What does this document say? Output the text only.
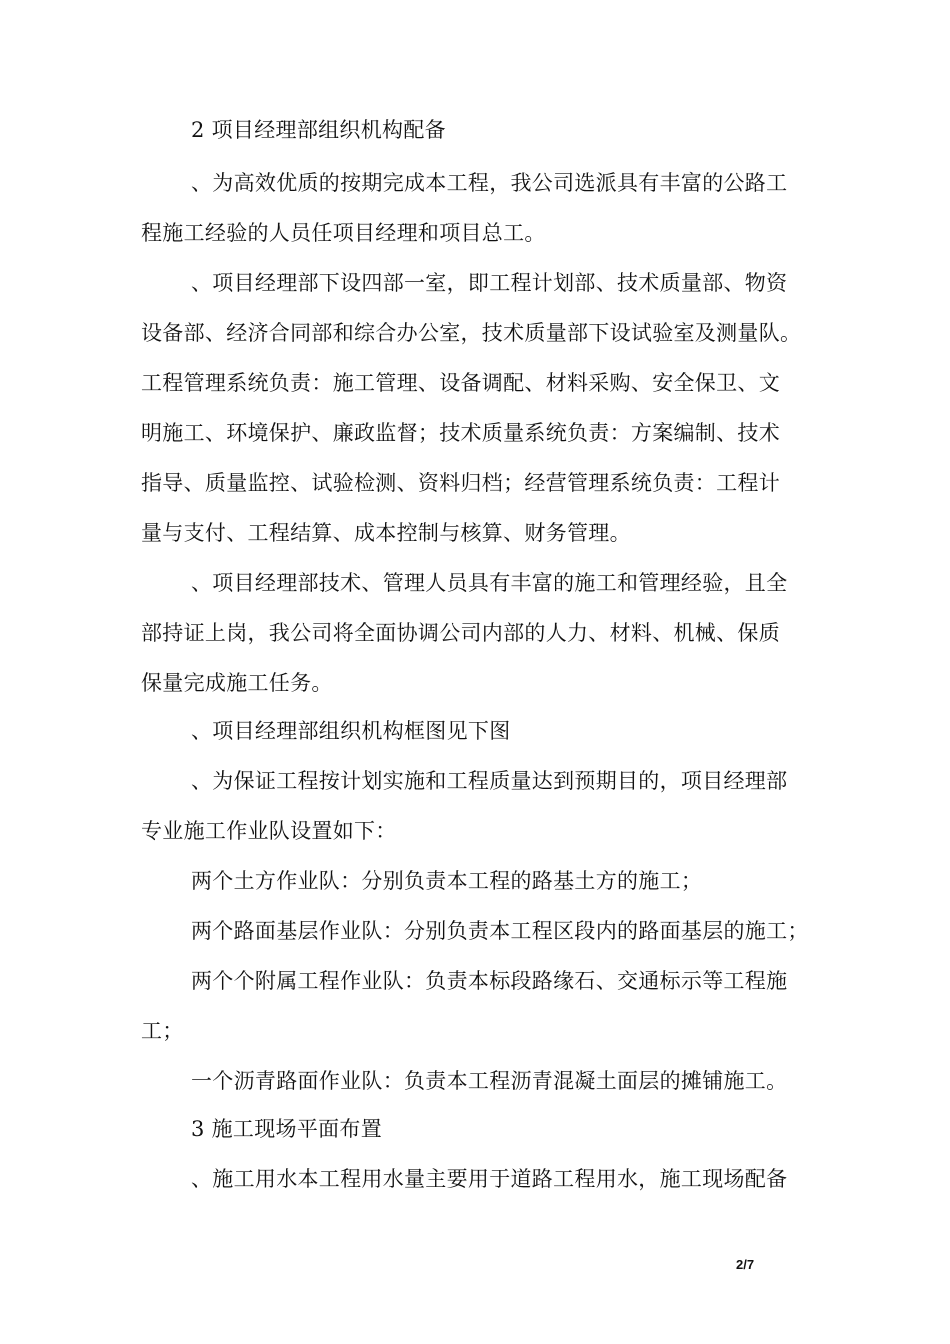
2 项目经理部组织机构配备
、为高效优质的按期完成本工程，我公司选派具有丰富的公路工
程施工经验的人员任项目经理和项目总工。
、项目经理部下设四部一室，即工程计划部、技术质量部、物资
设备部、经济合同部和综合办公室，技术质量部下设试验室及测量队。
工程管理系统负责：施工管理、设备调配、材料采购、安全保卫、文
明施工、环境保护、廉政监督；技术质量系统负责：方案编制、技术
指导、质量监控、试验检测、资料归档；经营管理系统负责：工程计
量与支付、工程结算、成本控制与核算、财务管理。
、项目经理部技术、管理人员具有丰富的施工和管理经验，且全
部持证上岗，我公司将全面协调公司内部的人力、材料、机械、保质
保量完成施工任务。
、项目经理部组织机构框图见下图
、为保证工程按计划实施和工程质量达到预期目的，项目经理部
专业施工作业队设置如下：
两个土方作业队：分别负责本工程的路基土方的施工；
两个路面基层作业队：分别负责本工程区段内的路面基层的施工；
两个个附属工程作业队：负责本标段路缘石、交通标示等工程施
工；
一个沥青路面作业队：负责本工程沥青混凝土面层的摊铺施工。
3 施工现场平面布置
、施工用水本工程用水量主要用于道路工程用水，施工现场配备
2/7
